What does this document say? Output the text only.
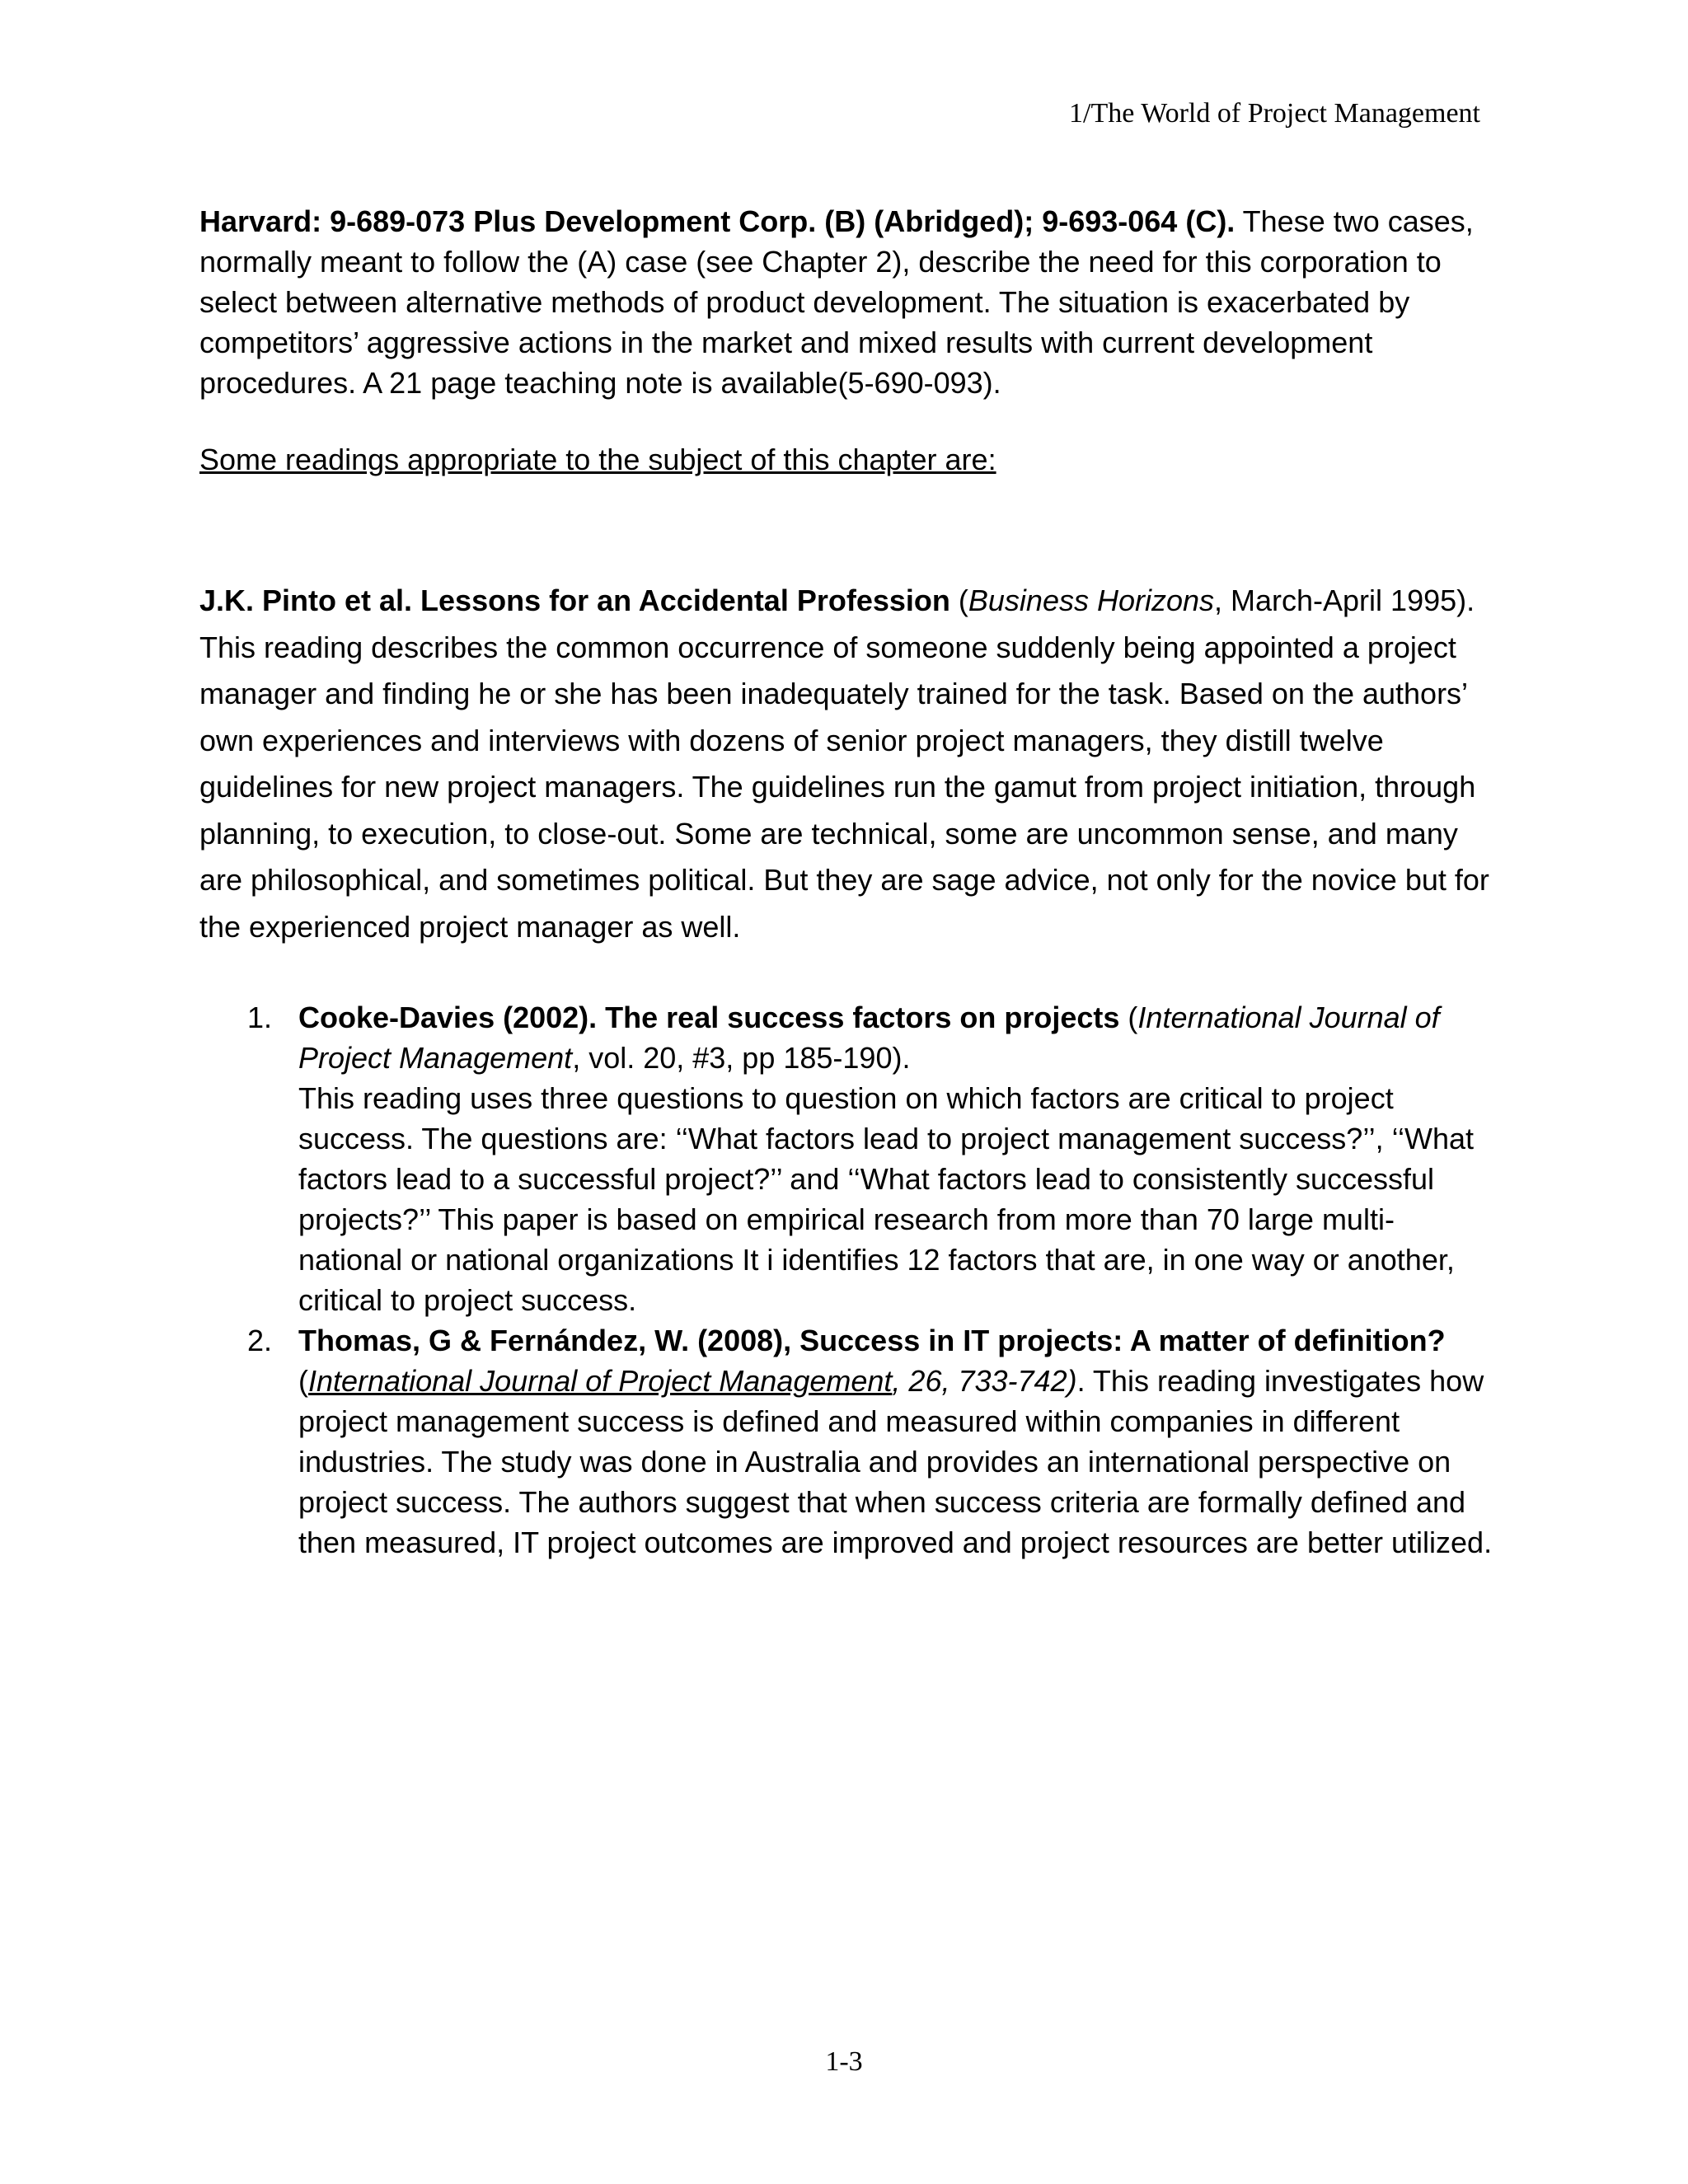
1/The World of Project Management

Harvard: 9-689-073 Plus Development Corp. (B) (Abridged); 9-693-064 (C). These two cases, normally meant to follow the (A) case (see Chapter 2), describe the need for this corporation to select between alternative methods of product development. The situation is exacerbated by competitors’ aggressive actions in the market and mixed results with current development procedures. A 21 page teaching note is available(5-690-093).

Some readings appropriate to the subject of this chapter are:

J.K. Pinto et al. Lessons for an Accidental Profession (Business Horizons, March-April 1995). This reading describes the common occurrence of someone suddenly being appointed a project manager and finding he or she has been inadequately trained for the task. Based on the authors’ own experiences and interviews with dozens of senior project managers, they distill twelve guidelines for new project managers. The guidelines run the gamut from project initiation, through planning, to execution, to close-out. Some are technical, some are uncommon sense, and many are philosophical, and sometimes political. But they are sage advice, not only for the novice but for the experienced project manager as well.

1. Cooke-Davies (2002). The real success factors on projects (International Journal of Project Management, vol. 20, #3, pp 185-190).
This reading uses three questions to question on which factors are critical to project success. The questions are: ‘‘What factors lead to project management success?’’, ‘‘What factors lead to a successful project?’’ and ‘‘What factors lead to consistently successful projects?’’ This paper is based on empirical research from more than 70 large multi-national or national organizations It i identifies 12 factors that are, in one way or another, critical to project success.
2. Thomas, G & Fernández, W. (2008), Success in IT projects: A matter of definition? (International Journal of Project Management, 26, 733-742). This reading investigates how project management success is defined and measured within companies in different industries. The study was done in Australia and provides an international perspective on project success. The authors suggest that when success criteria are formally defined and then measured, IT project outcomes are improved and project resources are better utilized.
1-3
